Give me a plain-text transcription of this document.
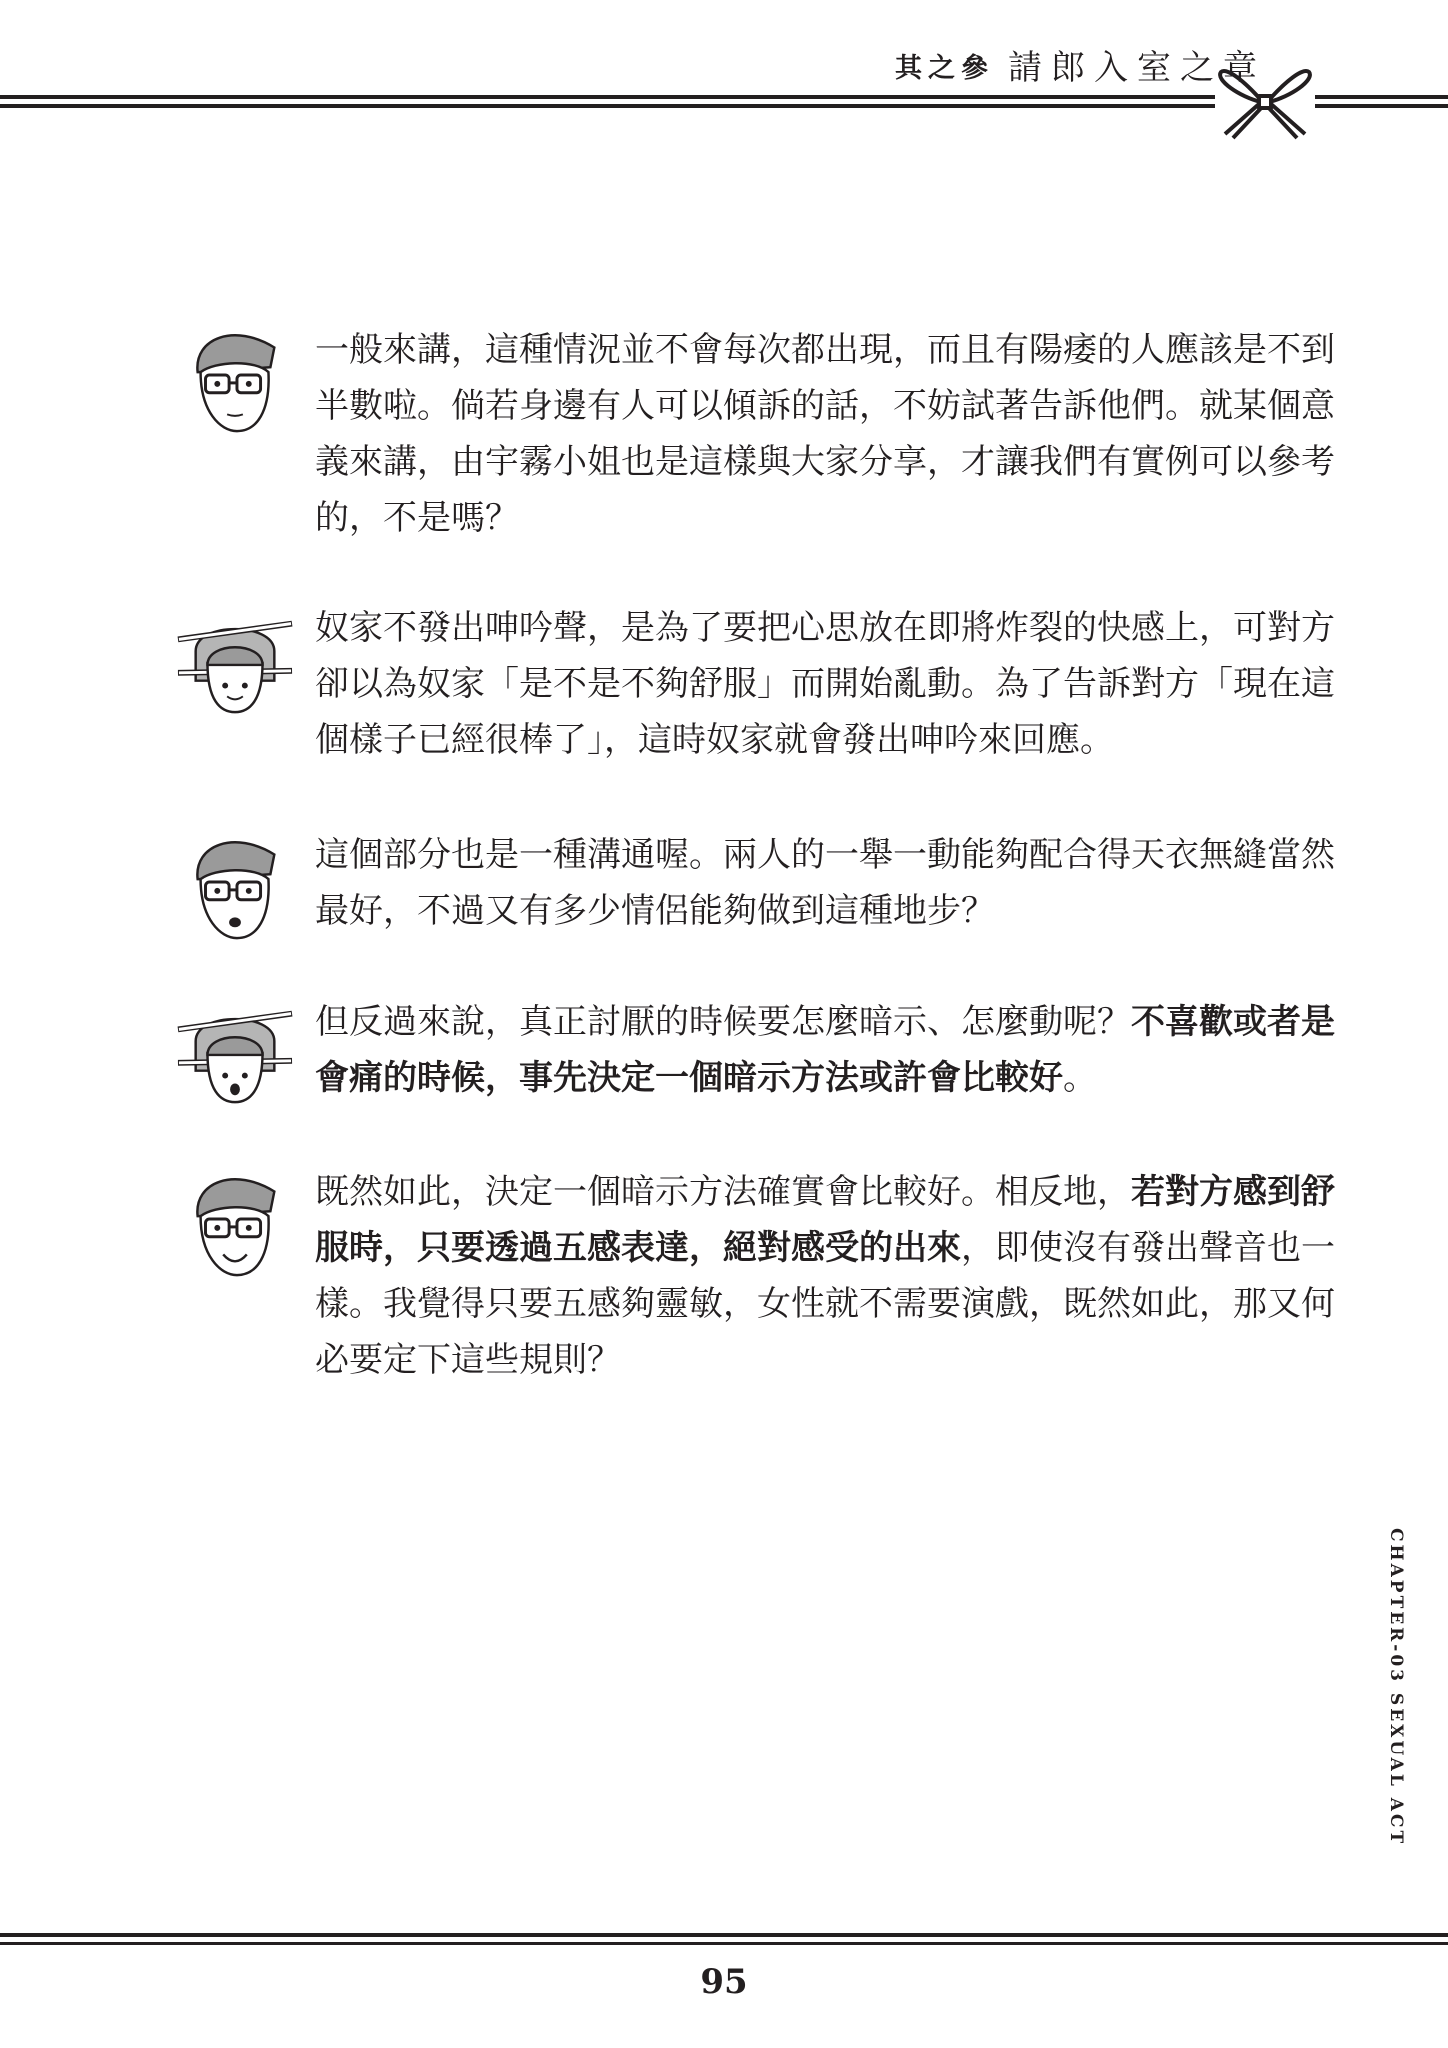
其之參 請郎入室之章
一般來講，這種情況並不會每次都出現，而且有陽痿的人應該是不到
半數啦。倘若身邊有人可以傾訴的話，不妨試著告訴他們。就某個意
義來講，由宇霧小姐也是這樣與大家分享，才讓我們有實例可以參考
的，不是嗎？
奴家不發出呻吟聲，是為了要把心思放在即將炸裂的快感上，可對方
卻以為奴家「是不是不夠舒服」而開始亂動。為了告訴對方「現在這
個樣子已經很棒了」，這時奴家就會發出呻吟來回應。
這個部分也是一種溝通喔。兩人的一舉一動能夠配合得天衣無縫當然
最好，不過又有多少情侶能夠做到這種地步？
但反過來說，真正討厭的時候要怎麼暗示、怎麼動呢？不喜歡或者是
會痛的時候，事先決定一個暗示方法或許會比較好。
既然如此，決定一個暗示方法確實會比較好。相反地，若對方感到舒
服時，只要透過五感表達，絕對感受的出來，即使沒有發出聲音也一
樣。我覺得只要五感夠靈敏，女性就不需要演戲，既然如此，那又何
必要定下這些規則？
CHAPTER-03 SEXUAL ACT
95
